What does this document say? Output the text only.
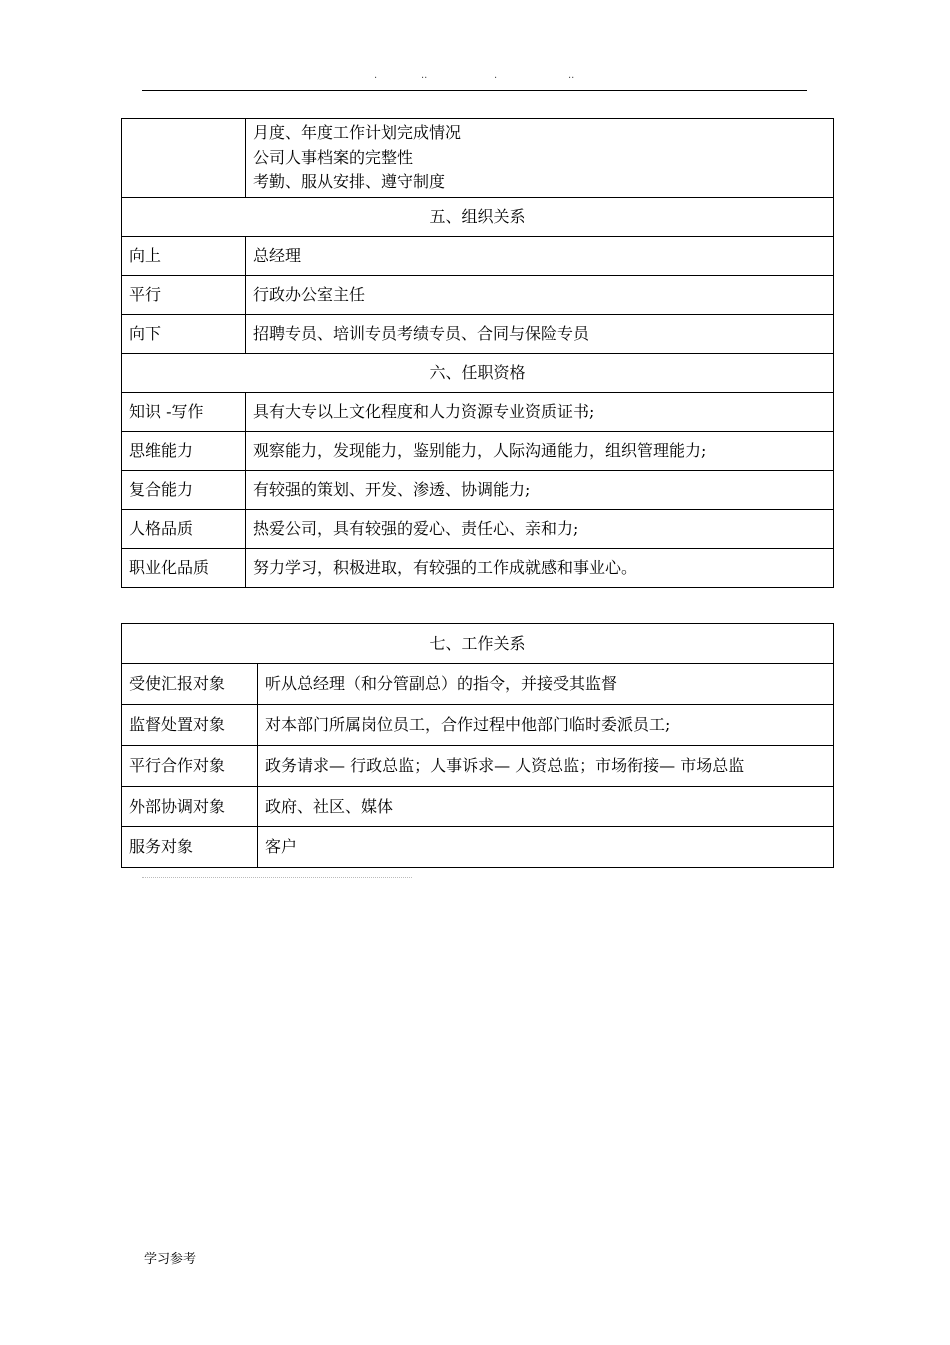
.	..	.	..

	月度、年度工作计划完成情况
公司人事档案的完整性
考勤、服从安排、遵守制度

五、组织关系	
向上	总经理
平行	行政办公室主任
向下	招聘专员、培训专员考绩专员、合同与保险专员
六、任职资格	
知识 -写作	具有大专以上文化程度和人力资源专业资质证书;
思维能力	观察能力，发现能力，鉴别能力，人际沟通能力，组织管理能力;
复合能力	有较强的策划、开发、渗透、协调能力;
人格品质	热爱公司，具有较强的爱心、责任心、亲和力;
职业化品质	努力学习，积极进取，有较强的工作成就感和事业心。
七、工作关系	
受使汇报对象	听从总经理（和分管副总）的指令，并接受其监督
监督处置对象	对本部门所属岗位员工，合作过程中他部门临时委派员工;
平行合作对象	政务请求— 行政总监；人事诉求— 人资总监；市场衔接— 市场总监
外部协调对象	政府、社区、媒体
服务对象	客户
学习参考
